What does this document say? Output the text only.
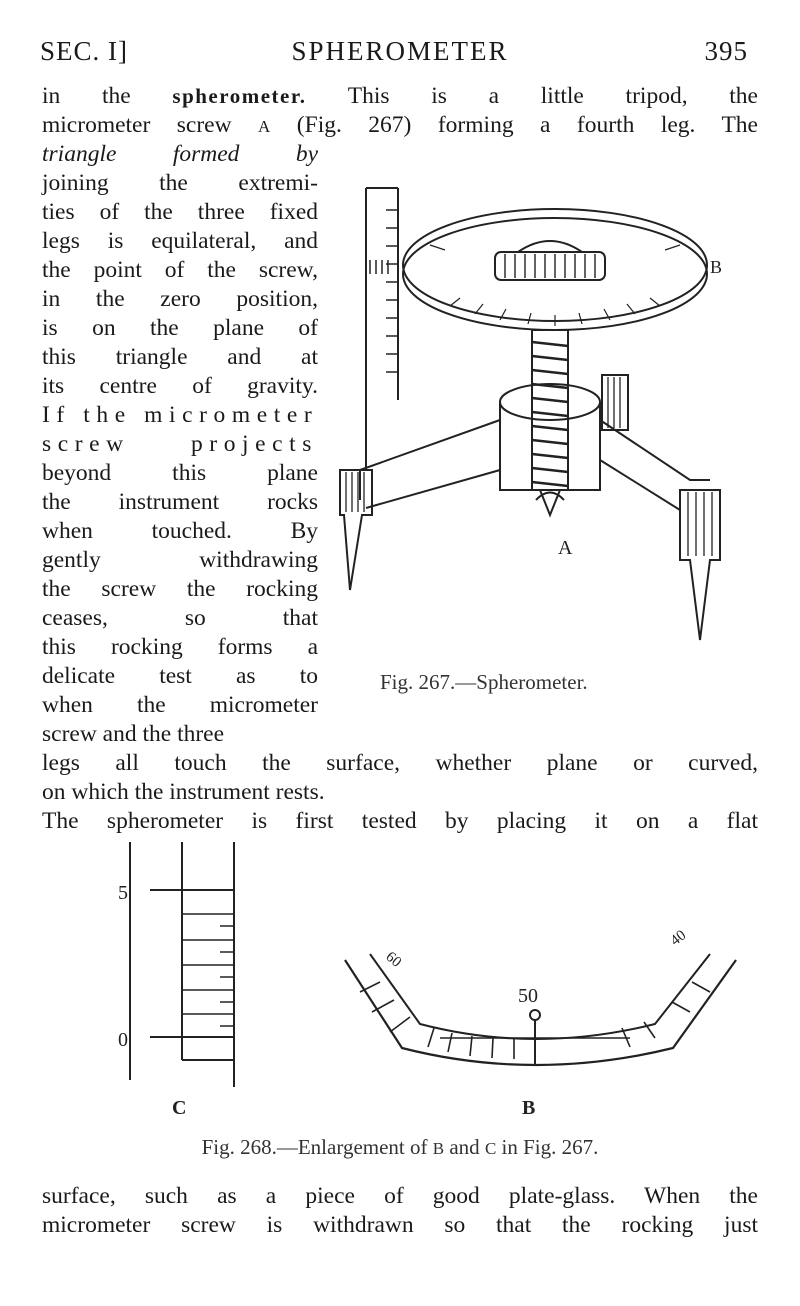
SEC. I]	SPHEROMETER	395
in the spherometer. This is a little tripod, the
micrometer screw A (Fig. 267) forming a fourth leg. The
triangle formed by
joining the extremi-
ties of the three fixed
legs is equilateral, and
the point of the screw,
in the zero position,
is on the plane of
this triangle and at
its centre of gravity.
If the micrometer
screw projects
beyond this plane
the instrument rocks
when touched. By
gently withdrawing
the screw the rocking
ceases, so that
this rocking forms a
delicate test as to
when the micrometer
screw and the three
A
B
Fig. 267.—Spherometer.
legs all touch the surface, whether plane or curved,
on which the instrument rests.
The spherometer is first tested by placing it on a flat
5
0
C	B
50
60
40
Fig. 268.—Enlargement of B and C in Fig. 267.
surface, such as a piece of good plate-glass. When the
micrometer screw is withdrawn so that the rocking just
